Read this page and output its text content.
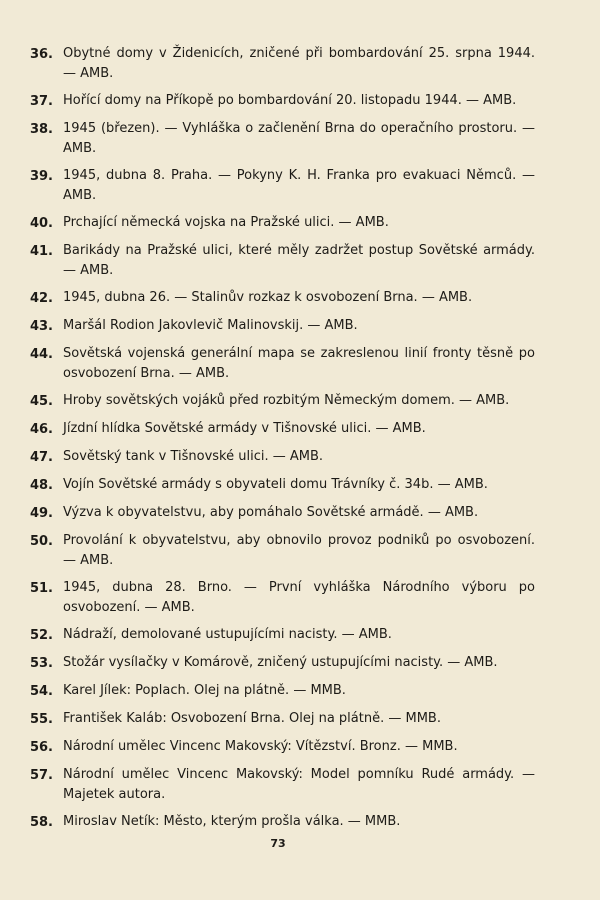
36. Obytné domy v Židenicích, zničené při bombardování 25. srpna 1944. — AMB.
37. Hořící domy na Příkopě po bombardování 20. listopadu 1944. — AMB.
38. 1945 (březen). — Vyhláška o začlenění Brna do operačního prostoru. — AMB.
39. 1945, dubna 8. Praha. — Pokyny K. H. Franka pro evakuaci Němců. — AMB.
40. Prchající německá vojska na Pražské ulici. — AMB.
41. Barikády na Pražské ulici, které měly zadržet postup Sovětské armády. — AMB.
42. 1945, dubna 26. — Stalinův rozkaz k osvobození Brna. — AMB.
43. Maršál Rodion Jakovlevič Malinovskij. — AMB.
44. Sovětská vojenská generální mapa se zakreslenou linií fronty těsně po osvobození Brna. — AMB.
45. Hroby sovětských vojáků před rozbitým Německým domem. — AMB.
46. Jízdní hlídka Sovětské armády v Tišnovské ulici. — AMB.
47. Sovětský tank v Tišnovské ulici. — AMB.
48. Vojín Sovětské armády s obyvateli domu Trávníky č. 34b. — AMB.
49. Výzva k obyvatelstvu, aby pomáhalo Sovětské armádě. — AMB.
50. Provolání k obyvatelstvu, aby obnovilo provoz podniků po osvobození. — AMB.
51. 1945, dubna 28. Brno. — První vyhláška Národního výboru po osvobození. — AMB.
52. Nádraží, demolované ustupujícími nacisty. — AMB.
53. Stožár vysílačky v Komárově, zničený ustupujícími nacisty. — AMB.
54. Karel Jílek: Poplach. Olej na plátně. — MMB.
55. František Kaláb: Osvobození Brna. Olej na plátně. — MMB.
56. Národní umělec Vincenc Makovský: Vítězství. Bronz. — MMB.
57. Národní umělec Vincenc Makovský: Model pomníku Rudé armády. — Majetek autora.
58. Miroslav Netík: Město, kterým prošla válka. — MMB.
73
